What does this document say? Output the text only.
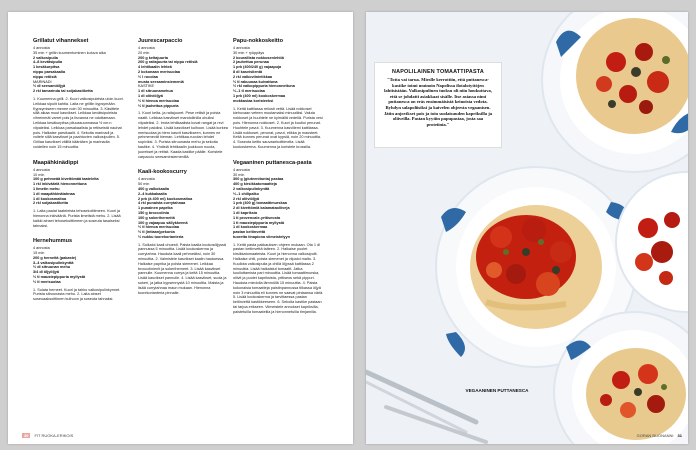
Grillatut vihannekset
4 annosta
35 min + grillin kuumentuminen kuluva aika
2 valkosipulia
4–8 kevätsipulia
1 kesäkurpitsa
nippu parsakaalia
nippu retiisiä
MARINADI
½ dl seesamiöljyä
2 rkl tamarinda tai soijakastiketta
1. Kuumenna grilli. 2. Kuori valkosipuleista uloin kuori. Leikkaa sipulit kahtia. Laita ne grilliin kypsymään. Kypsymiseen menee noin 30 minuuttia. 3. Käsittele sillä aikaa muut kasvikset. Leikkaa kevätsipuleista vihreinmät varret pois ja lisvanna ne odottamaan. Leikkaa kesäkurpitsa pituussuunnassa ½ cm:n viipaleiksi. Leikkaa parsakaalista ja retiiseistä nauhat pois. Halkaise parsikaalit. 4. Sekoita marinadi ja voitele sillä kasvikset ja paahtuvien valkosipulien. 5. Grillaa kasvikset välillä kääntäen ja marinadia voidellen noin 15 minuuttia.
Maapähkinädippi
4 annosta
10 min
100 g pehmeää kivettömää taateleita
1 rkl inkivääriä hienonnettuna
1 limetin mehu
1 dl maapähkinätahnaa
1 dl kookosmaitoa
2 rkl soijakastiketta
1. Laita paalat taateleista tehosekoittimeen. Kuori ja hienonna inkivääriä. Purista limetistä mehu. 2. Lisää kaikki ainset tehosekoittimeen ja soseuta tasaiseksi tahnaksi.
Hernehummus
4 annosta
15 min
200 g herneitä (pakaste)
3–4 valkosipulinkynttä
½ dl sitruunan mehu
3/4 dl öljyöljyä
½ tl maustepippuria myllystä
½ tl merisuolaa
1. Sulata herneet. Kuori ja tahko valkosipulinkynnet. Purista sitruunasta mehu. 2. Laita ainset soseuaaksoittimen kulhoon ja soseuta tahnaksi.
Juurescarpaccio
4 annosta
20 min
200 g keltajuurta
200 g raitajuurta tai nippu retiisiä
4 lehtikaalin lehteä
2 kokonaan merisuolaa
½ l rucolaa
musta seesaminsiemeniä
KASTIKE
1 dl sitruunamehua
1 dl oliiviöljyä
½ tl hienoa merisuolaa
½ tl jauhettua pippuria
1. Kuori kelta- ja raitajuuret. Pese retiisit ja poista naatit. Leikkaa kasvikset mandoliinilla ohuiksi viipaleiksi. 2. Irrota lehtikaalista kovat rangat ja revi lehdet paloiksi. Lisää kasvikset kulhoon. Lisää korkea merisuolaa ja hiero kasvit kasvikseen, kunnes ne pehmenevät hieman. Lehtikaa-rucolan lehdet sopiviksi. 3. Purista sitruunasta mehu ja sekoita kastike. 4. Yhdistä lehtikaalin joukkoon rucola, juurekset ja retiisit. Kaada kastike päälle. Koristele carpaccio seesaminsiemenillä.
Kaali-kookoscurry
4 annosta
50 min
400 g valkokaalia
2–4 kukkakaalia
2 prk (à 400 ml) kookosmaitoa
4 rkl punaista currytahnaa
1 punainen paprika
150 g broccolinia
100 g sokeriherneitä
100 g vajaapuu säilykkeenä
½ tl hienoa merisuolaa
½ tl (intiaan)pekonia
½ nukku tuorekorianteria
1. Suikaloi kaali ohuesti. Paista kaalia kookosöljyssä pannussa 5 minuuttia. Lisää kookoskerma ja currytahna. Hauduta kaali pehmeäksi, noin 30 minuuttia. 2. Valmistele kasvikset kaalin hautuessa. Halkaise paprika ja poista siemenet. Leikkaa broccolinienit ja sokeriherneet. 3. Lisää kasvikset pannulle. Kuumenna currya ja keitä 15 minuuttia. Lisää kasvikset pannulle. 4. Lisää kasvikset, suola ja sokeri, ja jatka kypsennystä 10 minuuttia. Maista ja lisää currytahnaa maun mukaan. Hienonna tuorekorianteria pinnalle.
Papu-nokkoskeitto
4 annosta
30 min + ryöppäys
2 kourallista nokkosenlehtiä
2 jauhettua perunaa
1 prk (400/240 g) vajaapuja
8 dl kasvislientä
2 rkl valkoviinietikkaa
½ tl rakuunaa kuivattuna
½ rkl valkopippuria hienonnettuna
½–1 tl merisuolaa
1 prk (400 ml) kookoskermaa
mokkasiaa koristeeksi
1. Keitä kattilassa reilusti vettä. Lisää nokkoset kiehuvaan veteen muutamaksi minuutiksi. Valuta nokkoset ja huuhtele ne kylmällä vedellä. Purista vesi pois. Hienonna nokkoset. 2. Kuori ja kuutioi perunat. Huuhtele pavut. 3. Kuumenna kasviliemi kattilassa. Lisää nokkoset, perunat, pavut, etikka ja mausteet. Keitä kunnes perunat ovat kypsiä, noin 20 minuuttia. 4. Soseuta keitto sauvasekoittimella. Lisää kookoskerma. Kuumenna ja koristele krossilla.
Vegaaninen puttanesca-pasta
4 annosta
30 min
300 g (gluteenitonta) pastaa
400 g kirsikkatomaatteja
2 valkosipulinkynttä
½–1 chilipalko
2 rkl oliiviöljyä
1 prk (400 g) tomaattimurskaa
2 dl kivettömiä kalamataoliiveja
1 dl kapriksia
1 tl provencale-yrttiseosta
1 tl maustepippuria myllystä
1 dl kookoskermaa
pastan keitinvettä
tuoretta tinapiona viimeistelyyn
1. Keitä pasta pakkauksen ohjeen mukaan. Ota 1 dl pastan keitinvettä talteen. 2. Halkaise puolet kirsikkatomaateista. Kuori ja hienonna valkosipulit. Halkaise chili, poista siemenet ja viipaloi malto. 3. Kuullota valkosipulia ja chiliä öljyssä kattilassa 2 minuuttia. Lisää halkaistut tomaatit. Jatka kuullottamista pari minuuttia. Lisää tomaattimurska, oliivit ja puolet kapriksista, yrttiseos sekä pippuri. Hauduta miedolla lämmöllä 15 minuuttia. 4. Paista kokonaisia tomaatteja paistinpannussa tilkassa öljyä noin 3 minuuttia eli kunnes ne saavat pintaansa väriä. 5. Lisää kookoskerma ja tarvittaessa pastan keitinvettä kastikkeeseen. 6. Sekoita kastike pastaan tai tarjoa erikseen. Viimeistele annokset kapriksilla, paistetuilla tomaateilla ja hienonnetuilla timjamilla.
30	FIT RUOKA-ERIKOIS
NAPOLILAINEN TOMAATTIPASTA

"Totta vai tarua. Mieslle kerrottiin, että puttanesca-kastike toimi muinoin Napolissa ilotalotyttöjen lahtisistään. Valkosipulinen tuoksu oli niin houkuttava, että se johdatti asiakkaat sisälle. Itse asiassa nimi puttanesca on eräs ensimmäisistä keinoista vedota. Ryhdyn salapoliisiksi ja kaivelen ohjeesta vegaanisen. Jätin anjovikset pois ja toin suolaisuuden kapriksilla ja oliiveilla. Pastan kyytiin papupastaa, josta saa proteiinia."

VEGAANINEN PUTTANESCA
GORAN BUONANNI 31
